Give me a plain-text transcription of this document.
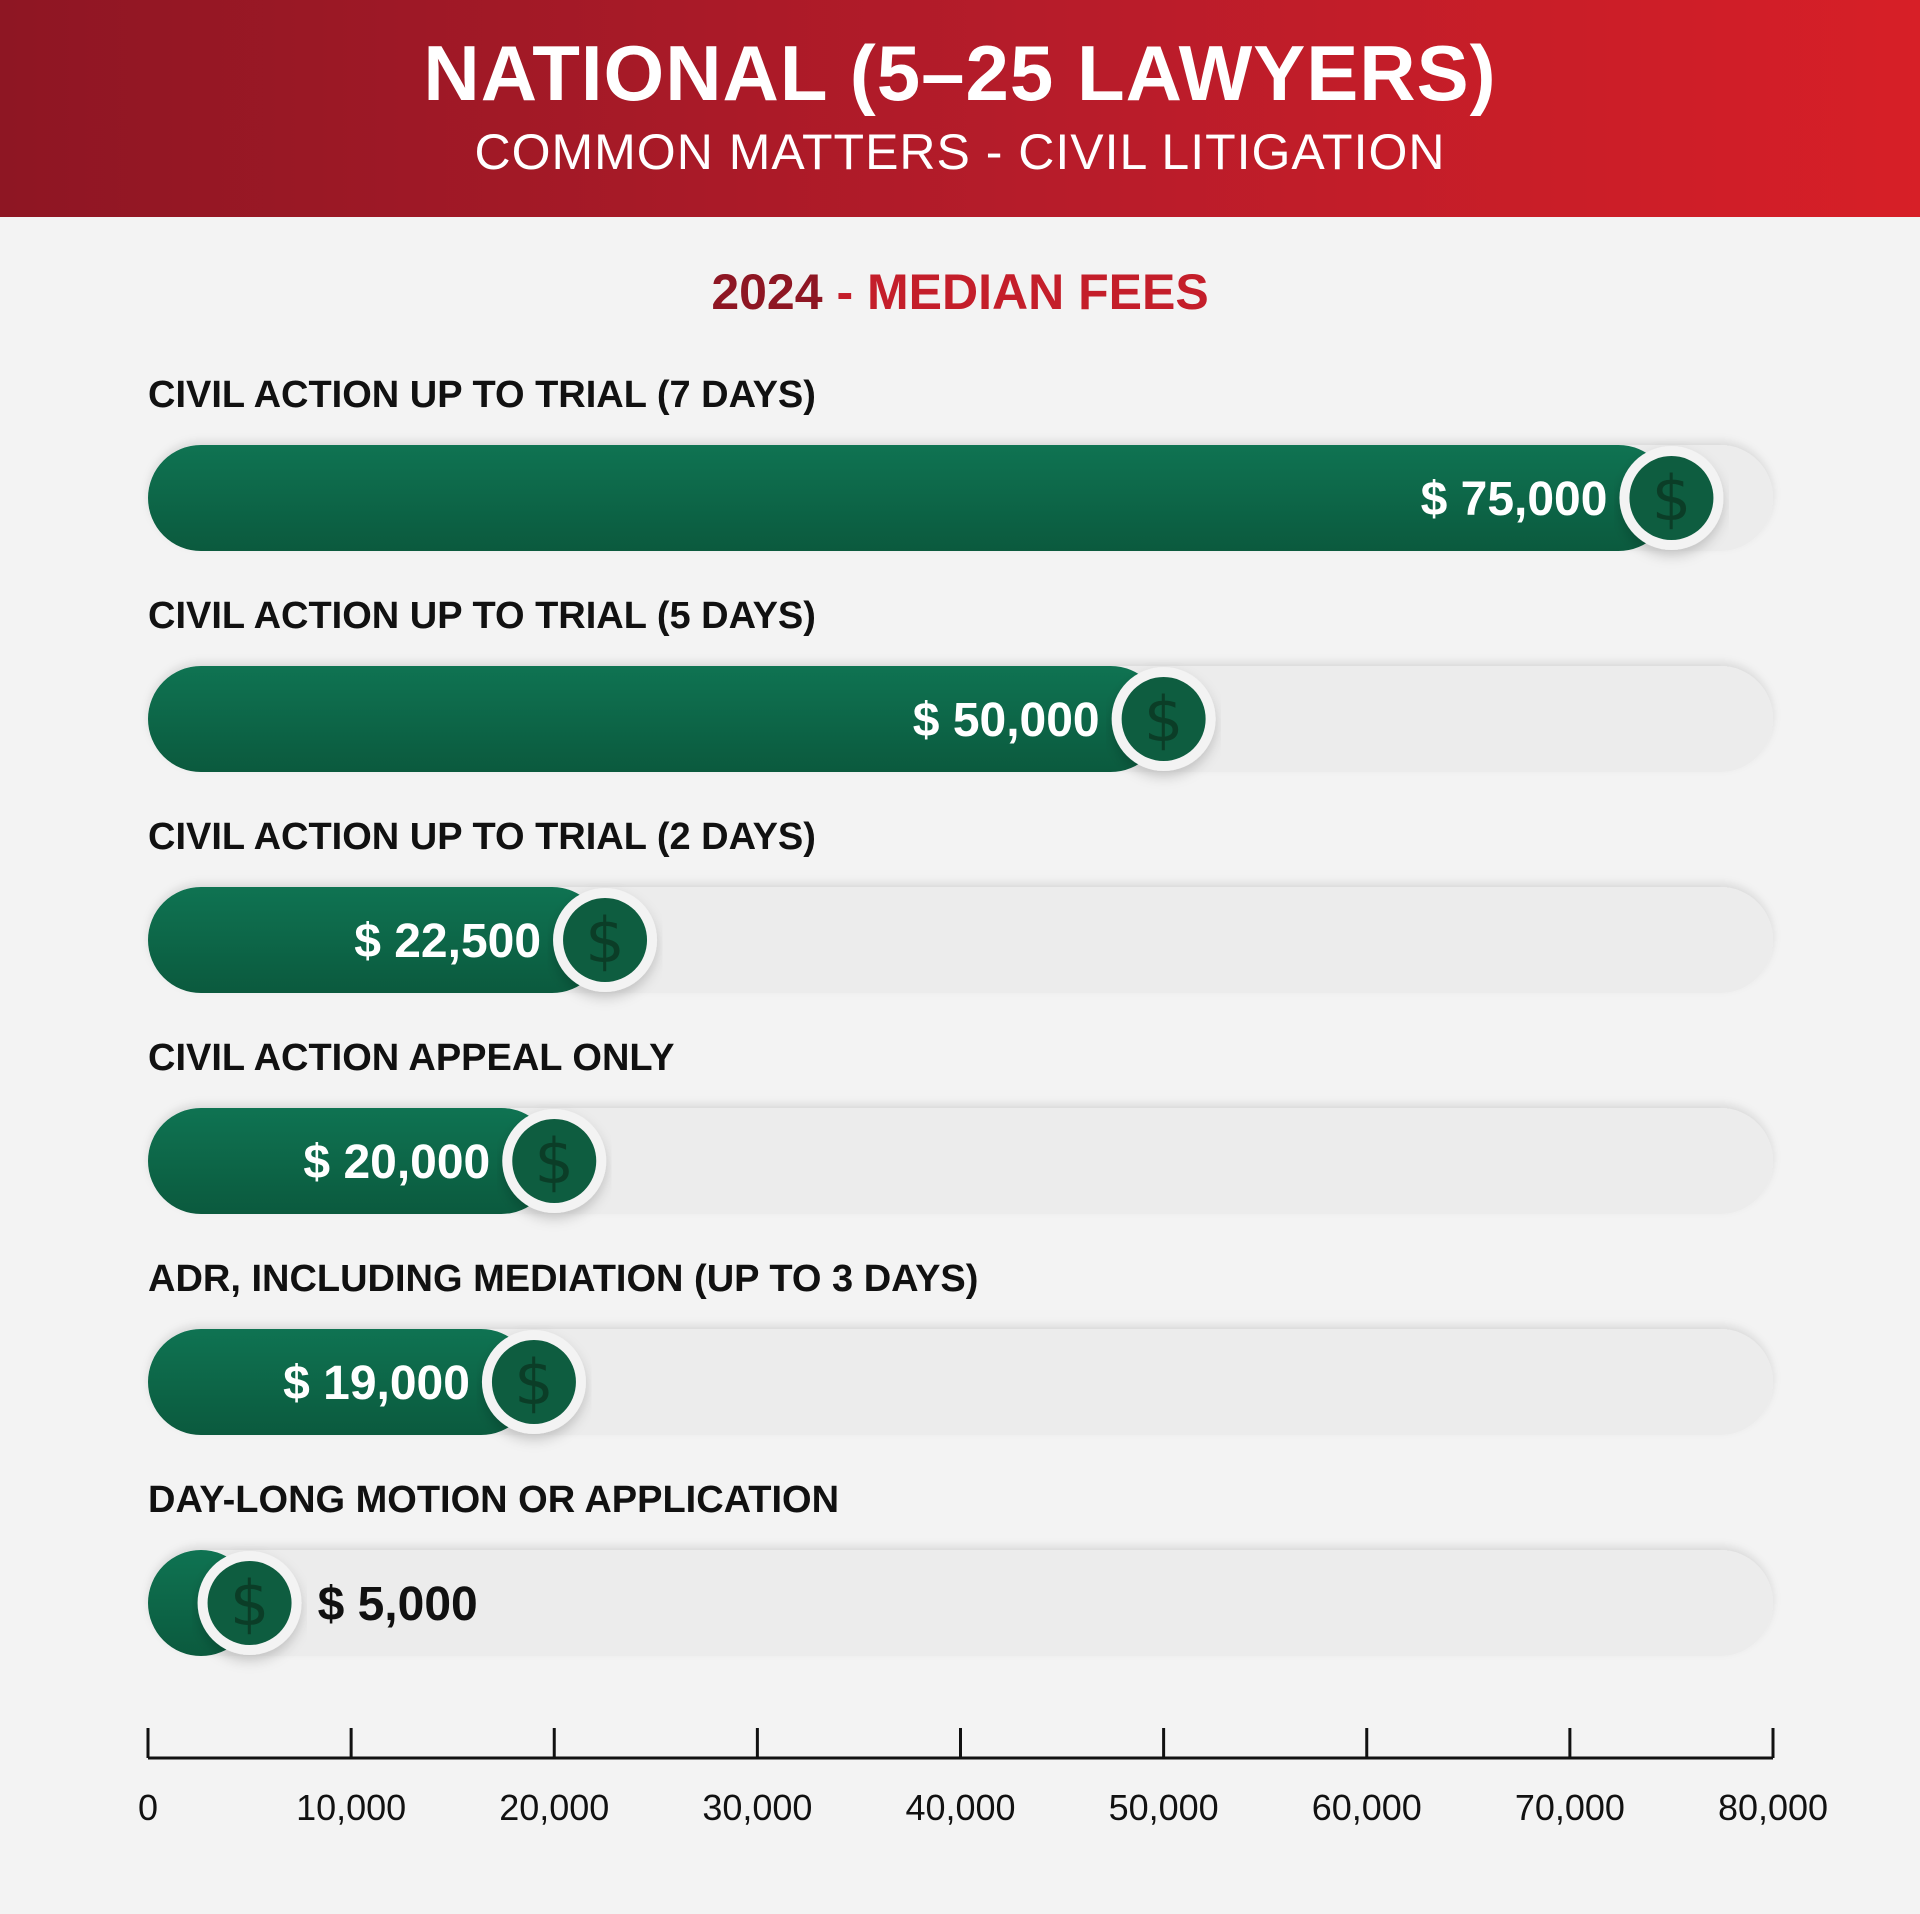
NATIONAL (5–25 LAWYERS)
COMMON MATTERS - CIVIL LITIGATION
2024 - MEDIAN FEES
CIVIL ACTION UP TO TRIAL (7 DAYS)
$
$ 75,000
CIVIL ACTION UP TO TRIAL (5 DAYS)
$
$ 50,000
CIVIL ACTION UP TO TRIAL (2 DAYS)
$
$ 22,500
CIVIL ACTION APPEAL ONLY
$
$ 20,000
ADR, INCLUDING MEDIATION (UP TO 3 DAYS)
$
$ 19,000
DAY-LONG MOTION OR APPLICATION
$ $ 5,000
0	10,000	20,000	30,000	40,000	50,000	60,000	70,000	80,000
